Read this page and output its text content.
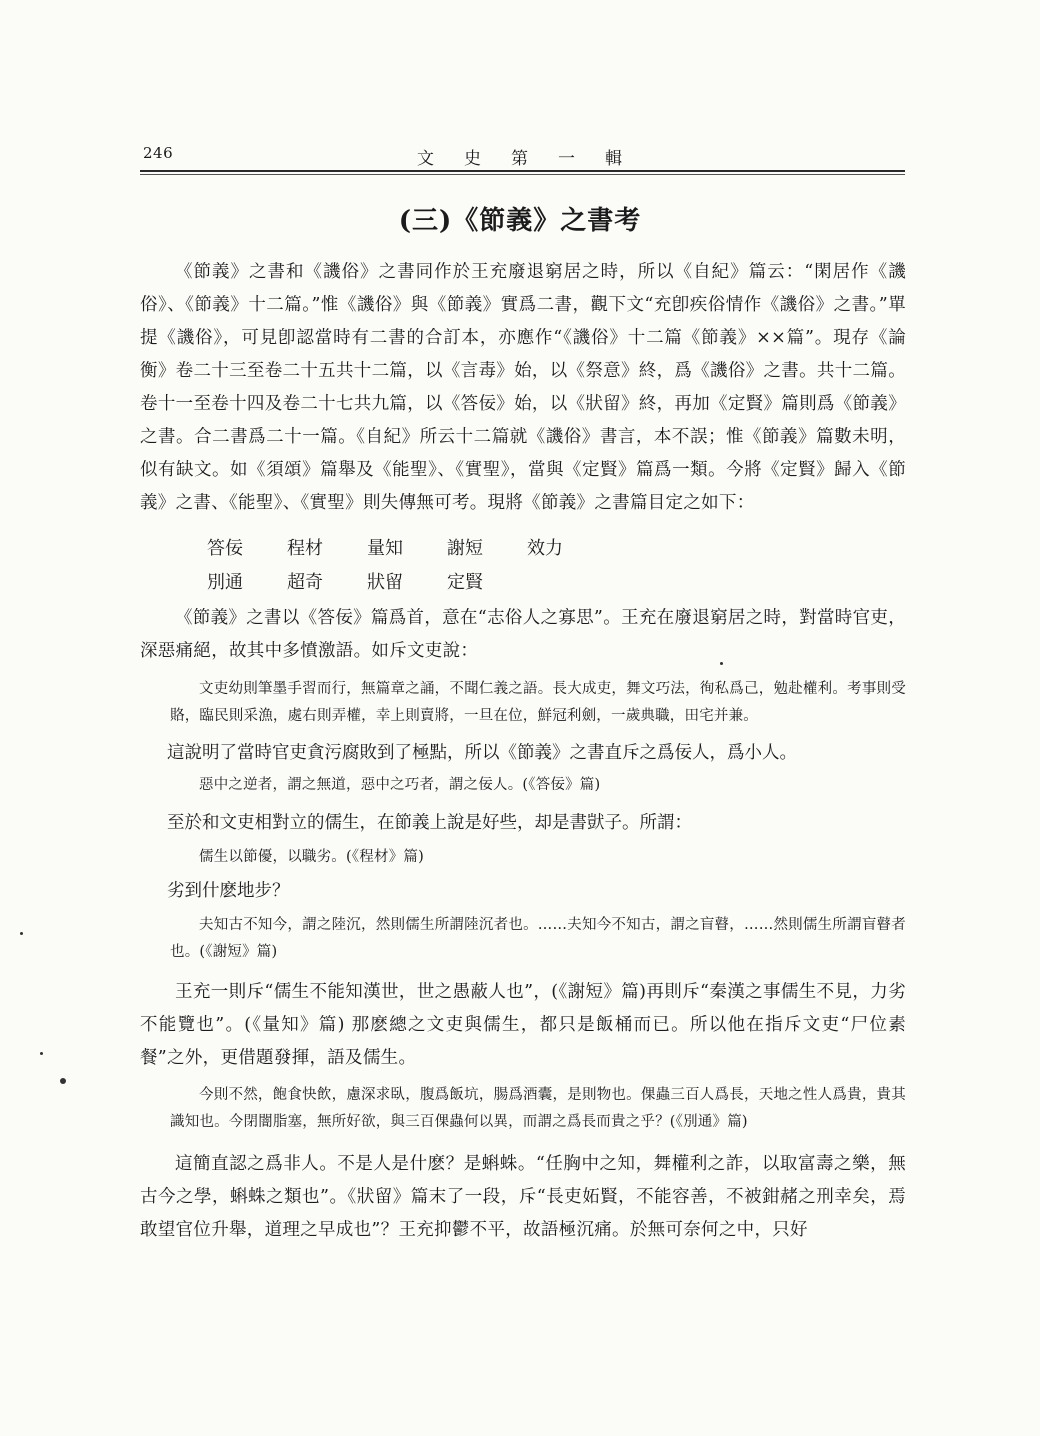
246	文史第一輯
(三)《節義》之書考

《節義》之書和《譏俗》之書同作於王充廢退窮居之時，所以《自紀》篇云：“閑居作《譏俗》、《節義》十二篇。”惟《譏俗》與《節義》實爲二書，觀下文“充卽疾俗情作《譏俗》之書。”單提《譏俗》，可見卽認當時有二書的合訂本，亦應作“《譏俗》十二篇《節義》××篇”。現存《論衡》卷二十三至卷二十五共十二篇，以《言毒》始，以《祭意》終，爲《譏俗》之書。共十二篇。卷十一至卷十四及卷二十七共九篇，以《答佞》始，以《狀留》終，再加《定賢》篇則爲《節義》之書。合二書爲二十一篇。《自紀》所云十二篇就《譏俗》書言，本不誤；惟《節義》篇數未明，似有缺文。如《須頌》篇舉及《能聖》、《實聖》，當與《定賢》篇爲一類。今將《定賢》歸入《節義》之書、《能聖》、《實聖》則失傳無可考。現將《節義》之書篇目定之如下：

答佞 程材 量知 謝短 效力
別通 超奇 狀留 定賢

《節義》之書以《答佞》篇爲首，意在“志俗人之寡思”。王充在廢退窮居之時，對當時官吏，深惡痛絕，故其中多憤激語。如斥文吏說：

文吏幼則筆墨手習而行，無篇章之誦，不聞仁義之語。長大成吏，舞文巧法，徇私爲己，勉赴權利。考事則受賂，臨民則采漁，處右則弄權，幸上則賣將，一旦在位，鮮冠利劍，一歲典職，田宅并兼。

這說明了當時官吏貪污腐敗到了極點，所以《節義》之書直斥之爲佞人，爲小人。

惡中之逆者，謂之無道，惡中之巧者，謂之佞人。(《答佞》篇)

至於和文吏相對立的儒生，在節義上說是好些，却是書獃子。所謂：

儒生以節優，以職劣。(《程材》篇)

劣到什麽地步？

夫知古不知今，謂之陸沉，然則儒生所謂陸沉者也。……夫知今不知古，謂之盲瞽，……然則儒生所謂盲瞽者也。(《謝短》篇)

王充一則斥“儒生不能知漢世，世之愚蔽人也”，(《謝短》篇)再則斥“秦漢之事儒生不見，力劣不能覽也”。(《量知》篇) 那麽總之文吏與儒生，都只是飯桶而已。所以他在指斥文吏“尸位素餐”之外，更借題發揮，語及儒生。

今則不然，飽食快飲，慮深求臥，腹爲飯坑，腸爲酒囊，是則物也。倮蟲三百人爲長，天地之性人爲貴，貴其識知也。今閉闇脂塞，無所好欲，與三百倮蟲何以異，而謂之爲長而貴之乎？(《別通》篇)

這簡直認之爲非人。不是人是什麽？是蝌蛛。“任胸中之知，舞權利之詐，以取富壽之樂，無古今之學，蝌蛛之類也”。《狀留》篇末了一段，斥“長吏妬賢，不能容善，不被鉗赭之刑幸矣，焉敢望官位升舉，道理之早成也”？王充抑鬱不平，故語極沉痛。於無可奈何之中，只好
